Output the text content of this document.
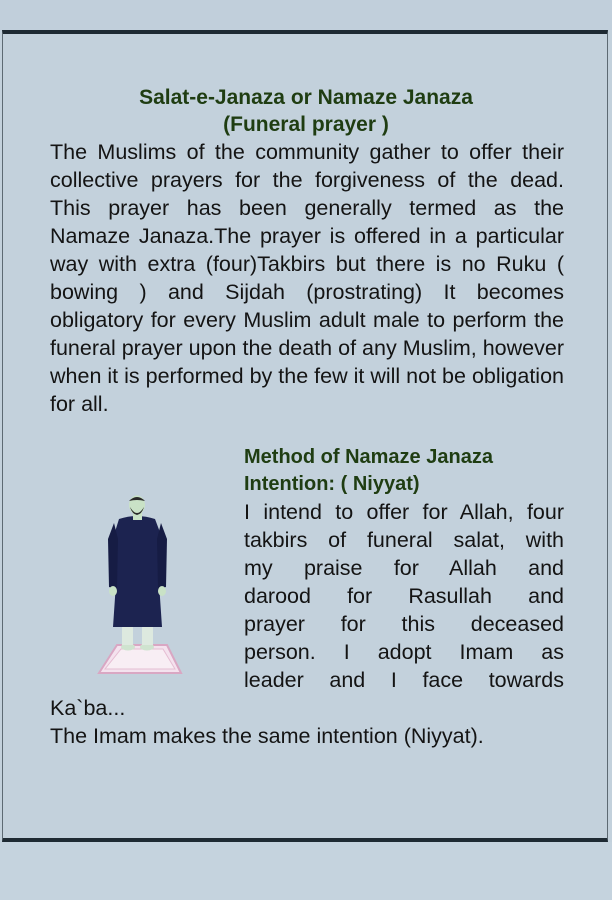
Salat-e-Janaza or Namaze Janaza
(Funeral prayer )

The Muslims of the community gather to offer their collective prayers for the forgiveness of the dead. This prayer has been generally termed as the Namaze Janaza.The prayer is offered in a particular way with extra (four)Takbirs but there is no Ruku ( bowing ) and Sijdah (prostrating) It becomes obligatory for every Muslim adult male to perform the funeral prayer upon the death of any Muslim, however when it is performed by the few it will not be obligation for all.

Method of Namaze Janaza
Intention: ( Niyyat)
I intend to offer for Allah, four
takbirs of funeral salat, with
my praise for Allah and
darood for Rasullah and
prayer for this deceased
person. I adopt Imam as
leader and I face towards
Ka`ba...
The Imam makes the same intention (Niyyat).
